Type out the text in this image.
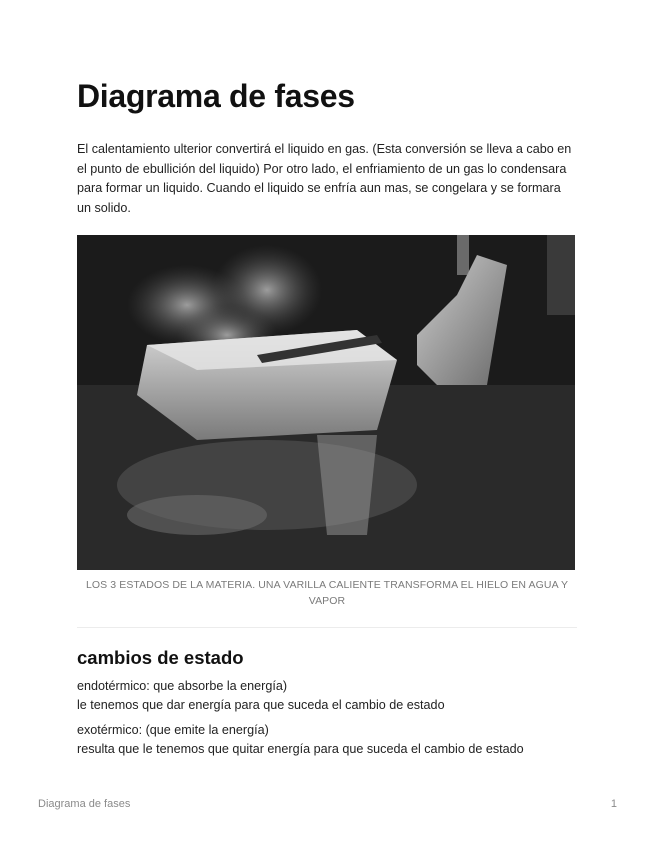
Diagrama de fases

El calentamiento ulterior convertirá el liquido en gas. (Esta conversión se lleva a cabo en el punto de ebullición del liquido) Por otro lado, el enfriamiento de un gas lo condensara para formar un liquido. Cuando el liquido se enfría aun mas, se congelara y se formara un solido.

LOS 3 ESTADOS DE LA MATERIA. UNA VARILLA CALIENTE TRANSFORMA EL HIELO EN AGUA Y VAPOR

cambios de estado

endotérmico: que absorbe la energía)
le tenemos que dar energía para que suceda el cambio de estado

exotérmico: (que emite la energía)
resulta que le tenemos que quitar energía para que suceda el cambio de estado

Diagrama de fases	1
